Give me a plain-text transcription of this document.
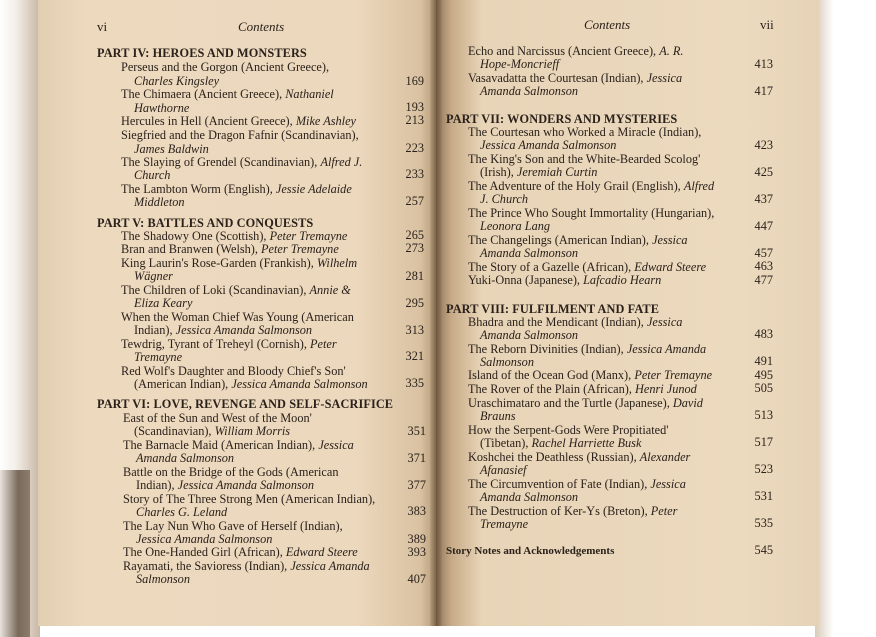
vi	Contents	Contents	vii
PART IV: HEROES AND MONSTERS
Perseus and the Gorgon (Ancient Greece),
Charles Kingsley	169
The Chimaera (Ancient Greece), Nathaniel
Hawthorne	193
Hercules in Hell (Ancient Greece), Mike Ashley	213
Siegfried and the Dragon Fafnir (Scandinavian),
James Baldwin	223
The Slaying of Grendel (Scandinavian), Alfred J.
Church	233
The Lambton Worm (English), Jessie Adelaide
Middleton	257
PART V: BATTLES AND CONQUESTS
The Shadowy One (Scottish), Peter Tremayne	265
Bran and Branwen (Welsh), Peter Tremayne	273
King Laurin's Rose-Garden (Frankish), Wilhelm
Wägner	281
The Children of Loki (Scandinavian), Annie &
Eliza Keary	295
When the Woman Chief Was Young (American
Indian), Jessica Amanda Salmonson	313
Tewdrig, Tyrant of Treheyl (Cornish), Peter
Tremayne	321
Red Wolf's Daughter and Bloody Chief's Son'
(American Indian), Jessica Amanda Salmonson	335
PART VI: LOVE, REVENGE AND SELF-SACRIFICE
East of the Sun and West of the Moon'
(Scandinavian), William Morris	351
The Barnacle Maid (American Indian), Jessica
Amanda Salmonson	371
Battle on the Bridge of the Gods (American
Indian), Jessica Amanda Salmonson	377
Story of The Three Strong Men (American Indian),
Charles G. Leland	383
The Lay Nun Who Gave of Herself (Indian),
Jessica Amanda Salmonson	389
The One-Handed Girl (African), Edward Steere	393
Rayamati, the Savioress (Indian), Jessica Amanda
Salmonson	407
Echo and Narcissus (Ancient Greece), A. R.
Hope-Moncrieff	413
Vasavadatta the Courtesan (Indian), Jessica
Amanda Salmonson	417
PART VII: WONDERS AND MYSTERIES
The Courtesan who Worked a Miracle (Indian),
Jessica Amanda Salmonson	423
The King's Son and the White-Bearded Scolog'
(Irish), Jeremiah Curtin	425
The Adventure of the Holy Grail (English), Alfred
J. Church	437
The Prince Who Sought Immortality (Hungarian),
Leonora Lang	447
The Changelings (American Indian), Jessica
Amanda Salmonson	457
The Story of a Gazelle (African), Edward Steere	463
Yuki-Onna (Japanese), Lafcadio Hearn	477
PART VIII: FULFILMENT AND FATE
Bhadra and the Mendicant (Indian), Jessica
Amanda Salmonson	483
The Reborn Divinities (Indian), Jessica Amanda
Salmonson	491
Island of the Ocean God (Manx), Peter Tremayne	495
The Rover of the Plain (African), Henri Junod	505
Uraschimataro and the Turtle (Japanese), David
Brauns	513
How the Serpent-Gods Were Propitiated'
(Tibetan), Rachel Harriette Busk	517
Koshchei the Deathless (Russian), Alexander
Afanasief	523
The Circumvention of Fate (Indian), Jessica
Amanda Salmonson	531
The Destruction of Ker-Ys (Breton), Peter
Tremayne	535
Story Notes and Acknowledgements	545
